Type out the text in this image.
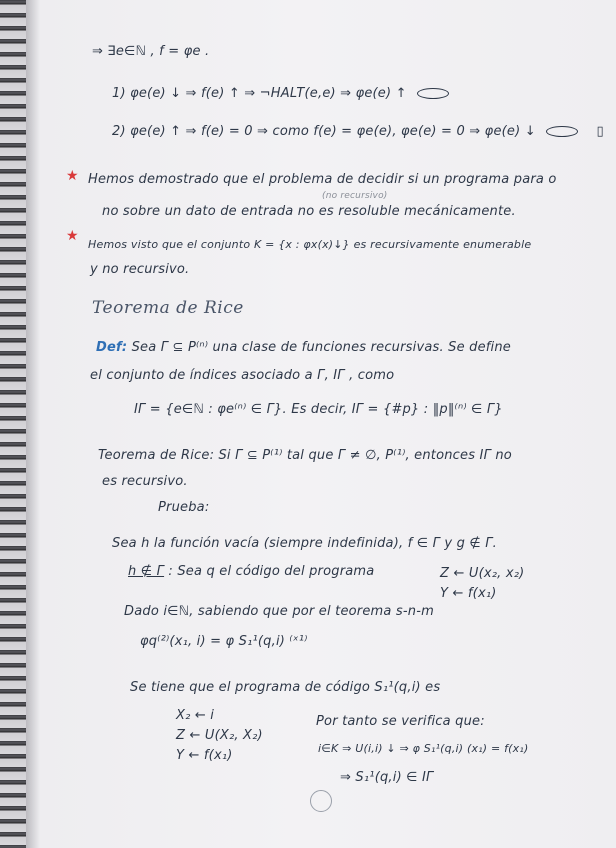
⇒ ∃e∈ℕ , f = φe .
1) φe(e) ↓ ⇒ f(e) ↑ ⇒ ¬HALT(e,e) ⇒ φe(e) ↑
2) φe(e) ↑ ⇒ f(e) = 0 ⇒ como f(e) = φe(e), φe(e) = 0 ⇒ φe(e) ↓	▯
★ Hemos demostrado que el problema de decidir si un programa para o
(no recursivo)
no sobre un dato de entrada no es resoluble mecánicamente.
★
Hemos visto que el conjunto K = {x : φx(x)↓} es recursivamente enumerable
y no recursivo.
Teorema de Rice
Def: Sea Γ ⊆ P⁽ⁿ⁾ una clase de funciones recursivas. Se define
el conjunto de índices asociado a Γ, IΓ , como
IΓ = {e∈ℕ : φe⁽ⁿ⁾ ∈ Γ}. Es decir, IΓ = {#p} : ‖p‖⁽ⁿ⁾ ∈ Γ}
Teorema de Rice: Si Γ ⊆ P⁽¹⁾ tal que Γ ≠ ∅, P⁽¹⁾, entonces IΓ no
es recursivo.
Prueba:
Sea h la función vacía (siempre indefinida), f ∈ Γ y g ∉ Γ.
h ∉ Γ : Sea q el código del programa	Z ← U(x₂, x₂)
Y ← f(x₁)
Dado i∈ℕ, sabiendo que por el teorema s-n-m
φq⁽²⁾(x₁, i) = φ S₁¹(q,i) ⁽ˣ¹⁾
Se tiene que el programa de código S₁¹(q,i) es
X₂ ← i
Z ← U(X₂, X₂)
Y ← f(x₁)
Por tanto se verifica que:
i∈K ⇒ U(i,i) ↓ ⇒ φ S₁¹(q,i) (x₁) = f(x₁)
⇒ S₁¹(q,i) ∈ IΓ
